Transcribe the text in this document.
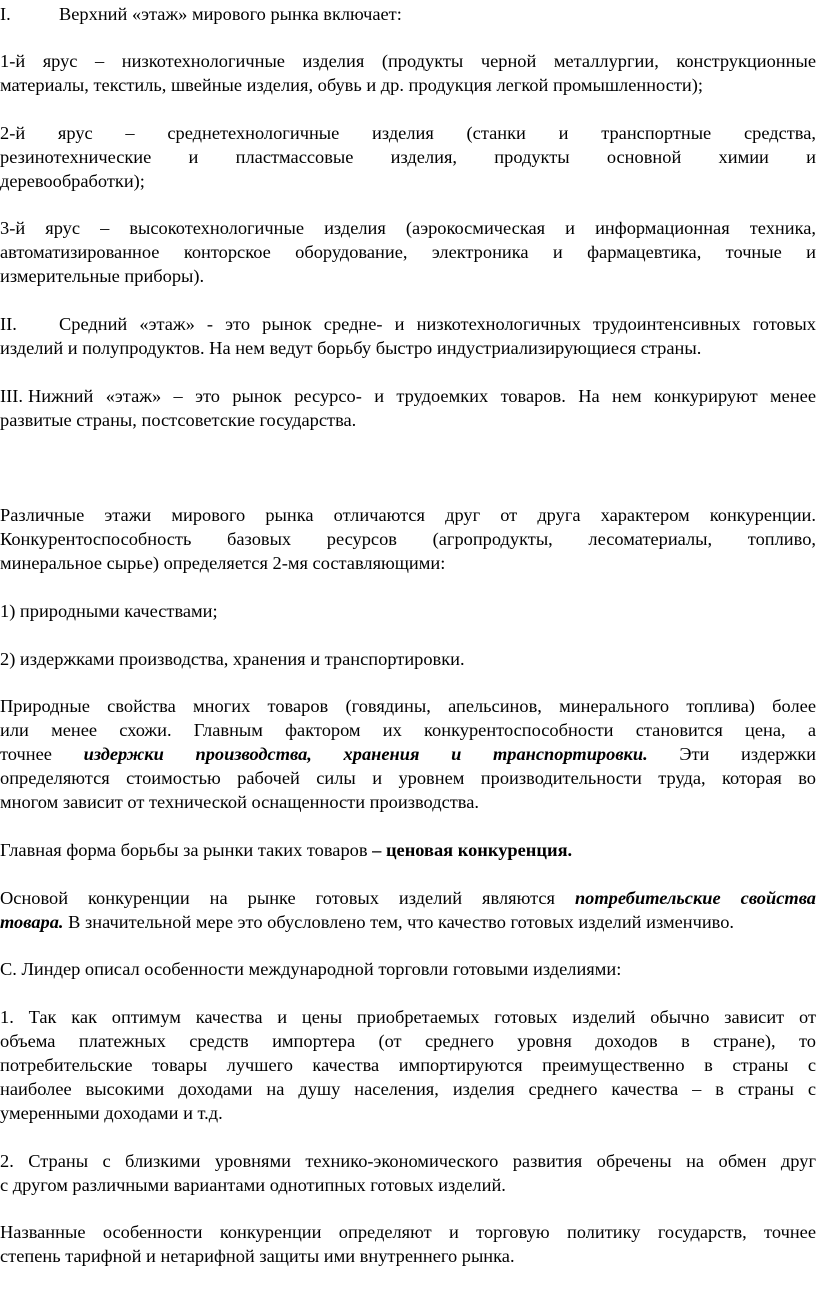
I.	Верхний «этаж» мирового рынка включает:
1-й ярус – низкотехнологичные изделия (продукты черной металлургии, конструкционные
материалы, текстиль, швейные изделия, обувь и др. продукция легкой промышленности);
2-й ярус – среднетехнологичные изделия (станки и транспортные средства,
резинотехнические и пластмассовые изделия, продукты основной химии и
деревообработки);
3-й ярус – высокотехнологичные изделия (аэрокосмическая и информационная техника,
автоматизированное конторское оборудование, электроника и фармацевтика, точные и
измерительные приборы).
II. Средний «этаж» - это рынок средне- и низкотехнологичных трудоинтенсивных готовых
изделий и полупродуктов. На нем ведут борьбу быстро индустриализирующиеся страны.
III. Нижний «этаж» – это рынок ресурсо- и трудоемких товаров. На нем конкурируют менее
развитые страны, постсоветские государства.
Различные этажи мирового рынка отличаются друг от друга характером конкуренции.
Конкурентоспособность базовых ресурсов (агропродукты, лесоматериалы, топливо,
минеральное сырье) определяется 2-мя составляющими:
1) природными качествами;
2) издержками производства, хранения и транспортировки.
Природные свойства многих товаров (говядины, апельсинов, минерального топлива) более
или менее схожи. Главным фактором их конкурентоспособности становится цена, а
точнее издержки производства, хранения и транспортировки. Эти издержки
определяются стоимостью рабочей силы и уровнем производительности труда, которая во
многом зависит от технической оснащенности производства.
Главная форма борьбы за рынки таких товаров – ценовая конкуренция.
Основой конкуренции на рынке готовых изделий являются потребительские свойства
товара. В значительной мере это обусловлено тем, что качество готовых изделий изменчиво.
С. Линдер описал особенности международной торговли готовыми изделиями:
1. Так как оптимум качества и цены приобретаемых готовых изделий обычно зависит от
объема платежных средств импортера (от среднего уровня доходов в стране), то
потребительские товары лучшего качества импортируются преимущественно в страны с
наиболее высокими доходами на душу населения, изделия среднего качества – в страны с
умеренными доходами и т.д.
2. Страны с близкими уровнями технико-экономического развития обречены на обмен друг
с другом различными вариантами однотипных готовых изделий.
Названные особенности конкуренции определяют и торговую политику государств, точнее
степень тарифной и нетарифной защиты ими внутреннего рынка.
